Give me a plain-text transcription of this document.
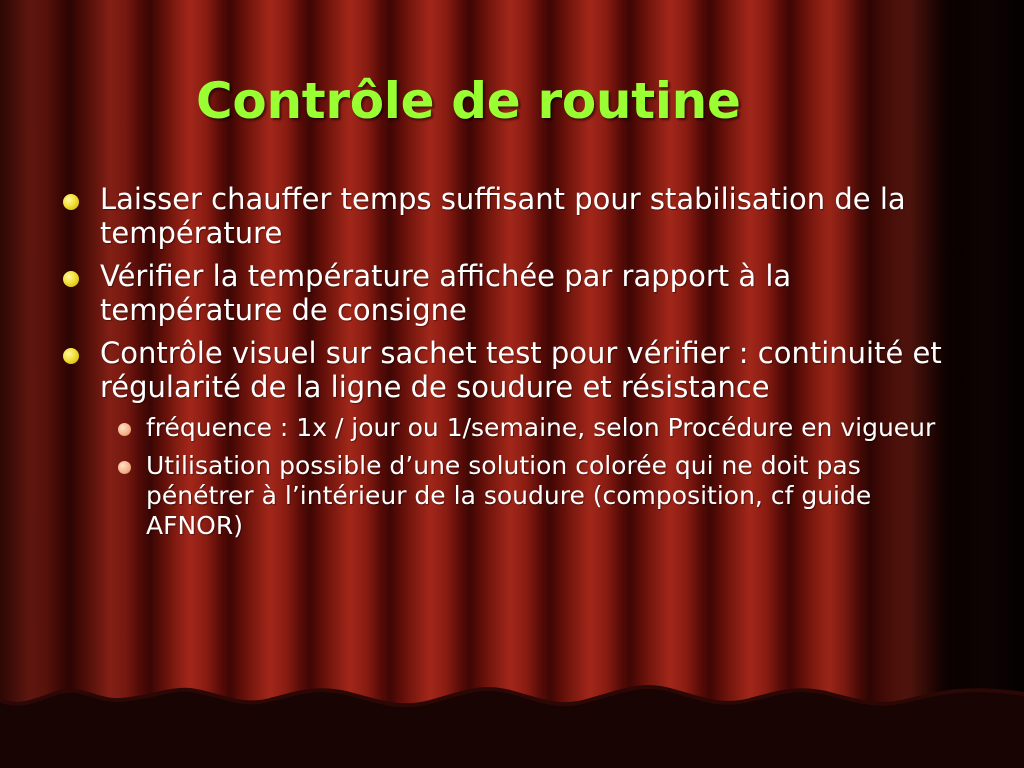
Contrôle de routine
Laisser chauffer temps suffisant pour stabilisation de la température
Vérifier la température affichée par rapport à la température de consigne
Contrôle visuel sur sachet test pour vérifier : continuité et régularité de la ligne de soudure et résistance
fréquence : 1x / jour ou 1/semaine, selon Procédure en vigueur
Utilisation possible d’une solution colorée qui ne doit pas pénétrer à l’intérieur de la soudure (composition, cf guide AFNOR)
